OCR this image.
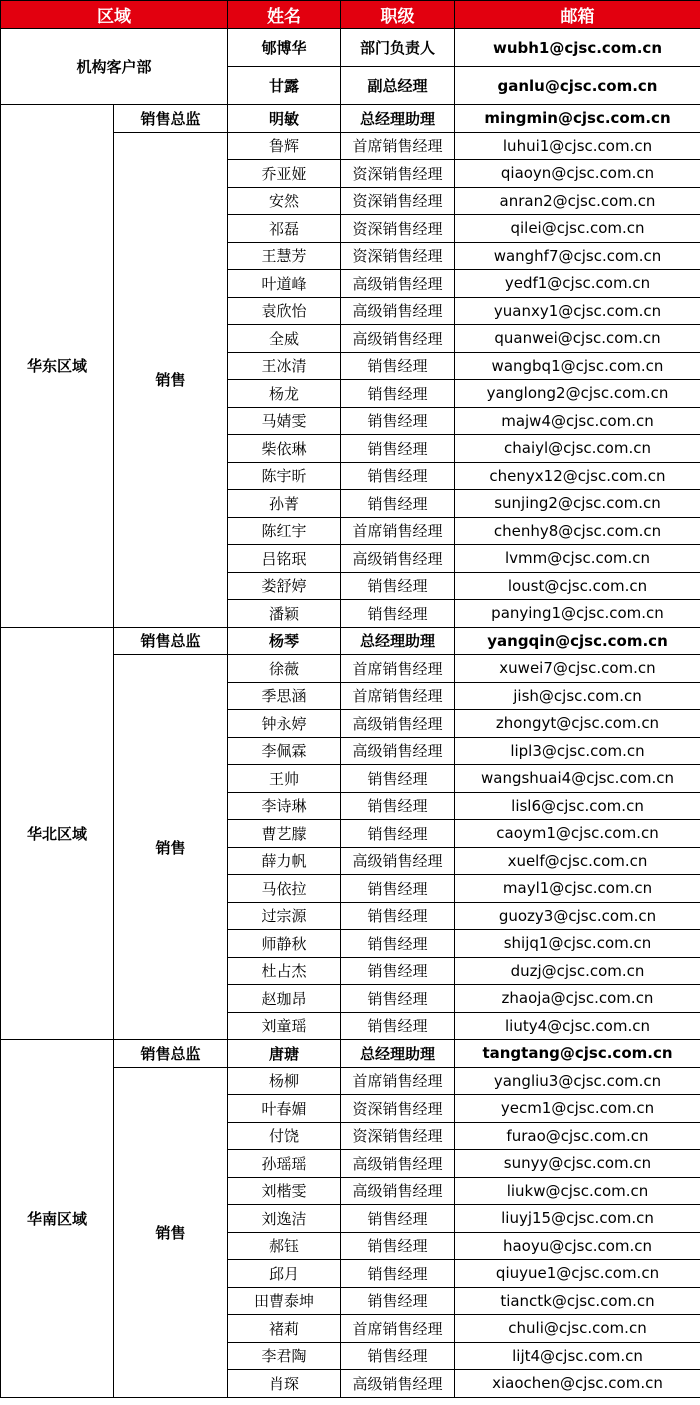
区域		姓名	职级	邮箱
机构客户部		郇博华	部门负责人	wubh1@cjsc.com.cn
		甘露	副总经理	ganlu@cjsc.com.cn
华东区域	销售总监	明敏	总经理助理	mingmin@cjsc.com.cn
	销售	鲁辉	首席销售经理	luhui1@cjsc.com.cn
		乔亚娅	资深销售经理	qiaoyn@cjsc.com.cn
		安然	资深销售经理	anran2@cjsc.com.cn
		祁磊	资深销售经理	qilei@cjsc.com.cn
		王慧芳	资深销售经理	wanghf7@cjsc.com.cn
		叶道峰	高级销售经理	yedf1@cjsc.com.cn
		袁欣怡	高级销售经理	yuanxy1@cjsc.com.cn
		全威	高级销售经理	quanwei@cjsc.com.cn
		王冰清	销售经理	wangbq1@cjsc.com.cn
		杨龙	销售经理	yanglong2@cjsc.com.cn
		马婧雯	销售经理	majw4@cjsc.com.cn
		柴依琳	销售经理	chaiyl@cjsc.com.cn
		陈宇昕	销售经理	chenyx12@cjsc.com.cn
		孙菁	销售经理	sunjing2@cjsc.com.cn
		陈红宇	首席销售经理	chenhy8@cjsc.com.cn
		吕铭珉	高级销售经理	lvmm@cjsc.com.cn
		娄舒婷	销售经理	loust@cjsc.com.cn
		潘颖	销售经理	panying1@cjsc.com.cn
华北区域	销售总监	杨琴	总经理助理	yangqin@cjsc.com.cn
	销售	徐薇	首席销售经理	xuwei7@cjsc.com.cn
		季思涵	首席销售经理	jish@cjsc.com.cn
		钟永婷	高级销售经理	zhongyt@cjsc.com.cn
		李佩霖	高级销售经理	lipl3@cjsc.com.cn
		王帅	销售经理	wangshuai4@cjsc.com.cn
		李诗琳	销售经理	lisl6@cjsc.com.cn
		曹艺朦	销售经理	caoym1@cjsc.com.cn
		薛力帆	高级销售经理	xuelf@cjsc.com.cn
		马依拉	销售经理	mayl1@cjsc.com.cn
		过宗源	销售经理	guozy3@cjsc.com.cn
		师静秋	销售经理	shijq1@cjsc.com.cn
		杜占杰	销售经理	duzj@cjsc.com.cn
		赵珈昂	销售经理	zhaoja@cjsc.com.cn
		刘童瑶	销售经理	liuty4@cjsc.com.cn
华南区域	销售总监	唐瑭	总经理助理	tangtang@cjsc.com.cn
	销售	杨柳	首席销售经理	yangliu3@cjsc.com.cn
		叶春媚	资深销售经理	yecm1@cjsc.com.cn
		付饶	资深销售经理	furao@cjsc.com.cn
		孙瑶瑶	高级销售经理	sunyy@cjsc.com.cn
		刘楷雯	高级销售经理	liukw@cjsc.com.cn
		刘逸洁	销售经理	liuyj15@cjsc.com.cn
		郝钰	销售经理	haoyu@cjsc.com.cn
		邱月	销售经理	qiuyue1@cjsc.com.cn
		田曹泰坤	销售经理	tianctk@cjsc.com.cn
		褚莉	首席销售经理	chuli@cjsc.com.cn
		李君陶	销售经理	lijt4@cjsc.com.cn
		肖琛	高级销售经理	xiaochen@cjsc.com.cn
